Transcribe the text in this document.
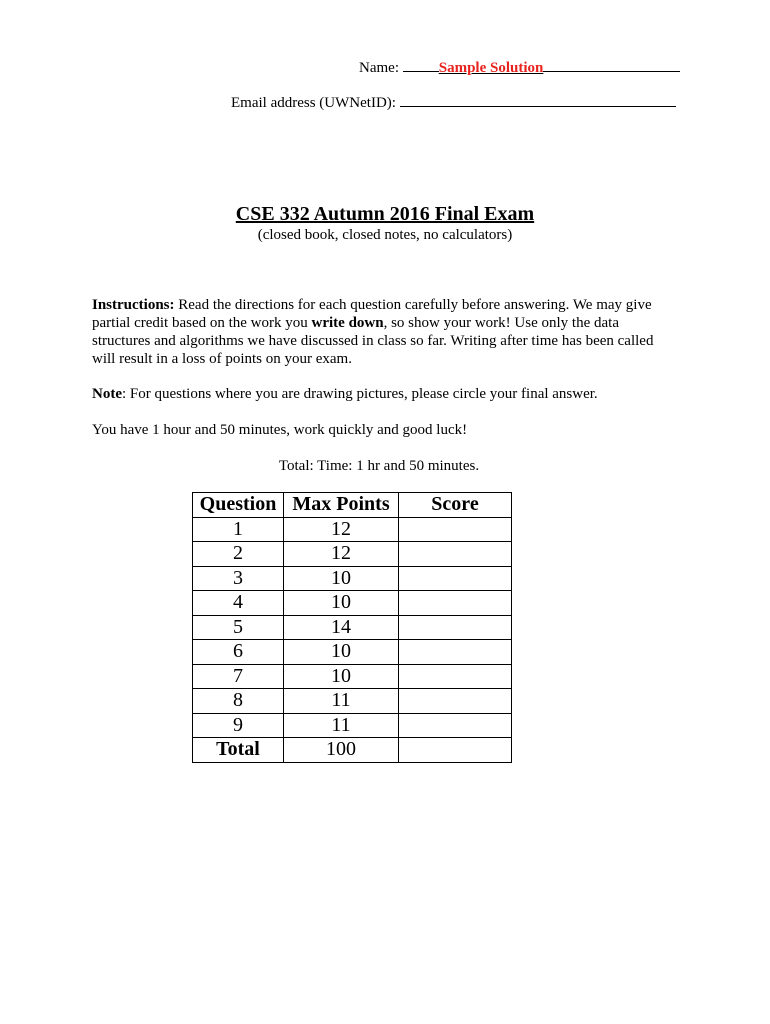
Name:	Sample Solution
Email address (UWNetID):
CSE 332 Autumn 2016 Final Exam
(closed book, closed notes, no calculators)
Instructions: Read the directions for each question carefully before answering. We may give partial credit based on the work you write down, so show your work! Use only the data structures and algorithms we have discussed in class so far. Writing after time has been called will result in a loss of points on your exam.
Note: For questions where you are drawing pictures, please circle your final answer.
You have 1 hour and 50 minutes, work quickly and good luck!
Total: Time: 1 hr and 50 minutes.
Question	Max Points	Score
1	12	
2	12	
3	10	
4	10	
5	14	
6	10	
7	10	
8	11	
9	11	
Total	100	
